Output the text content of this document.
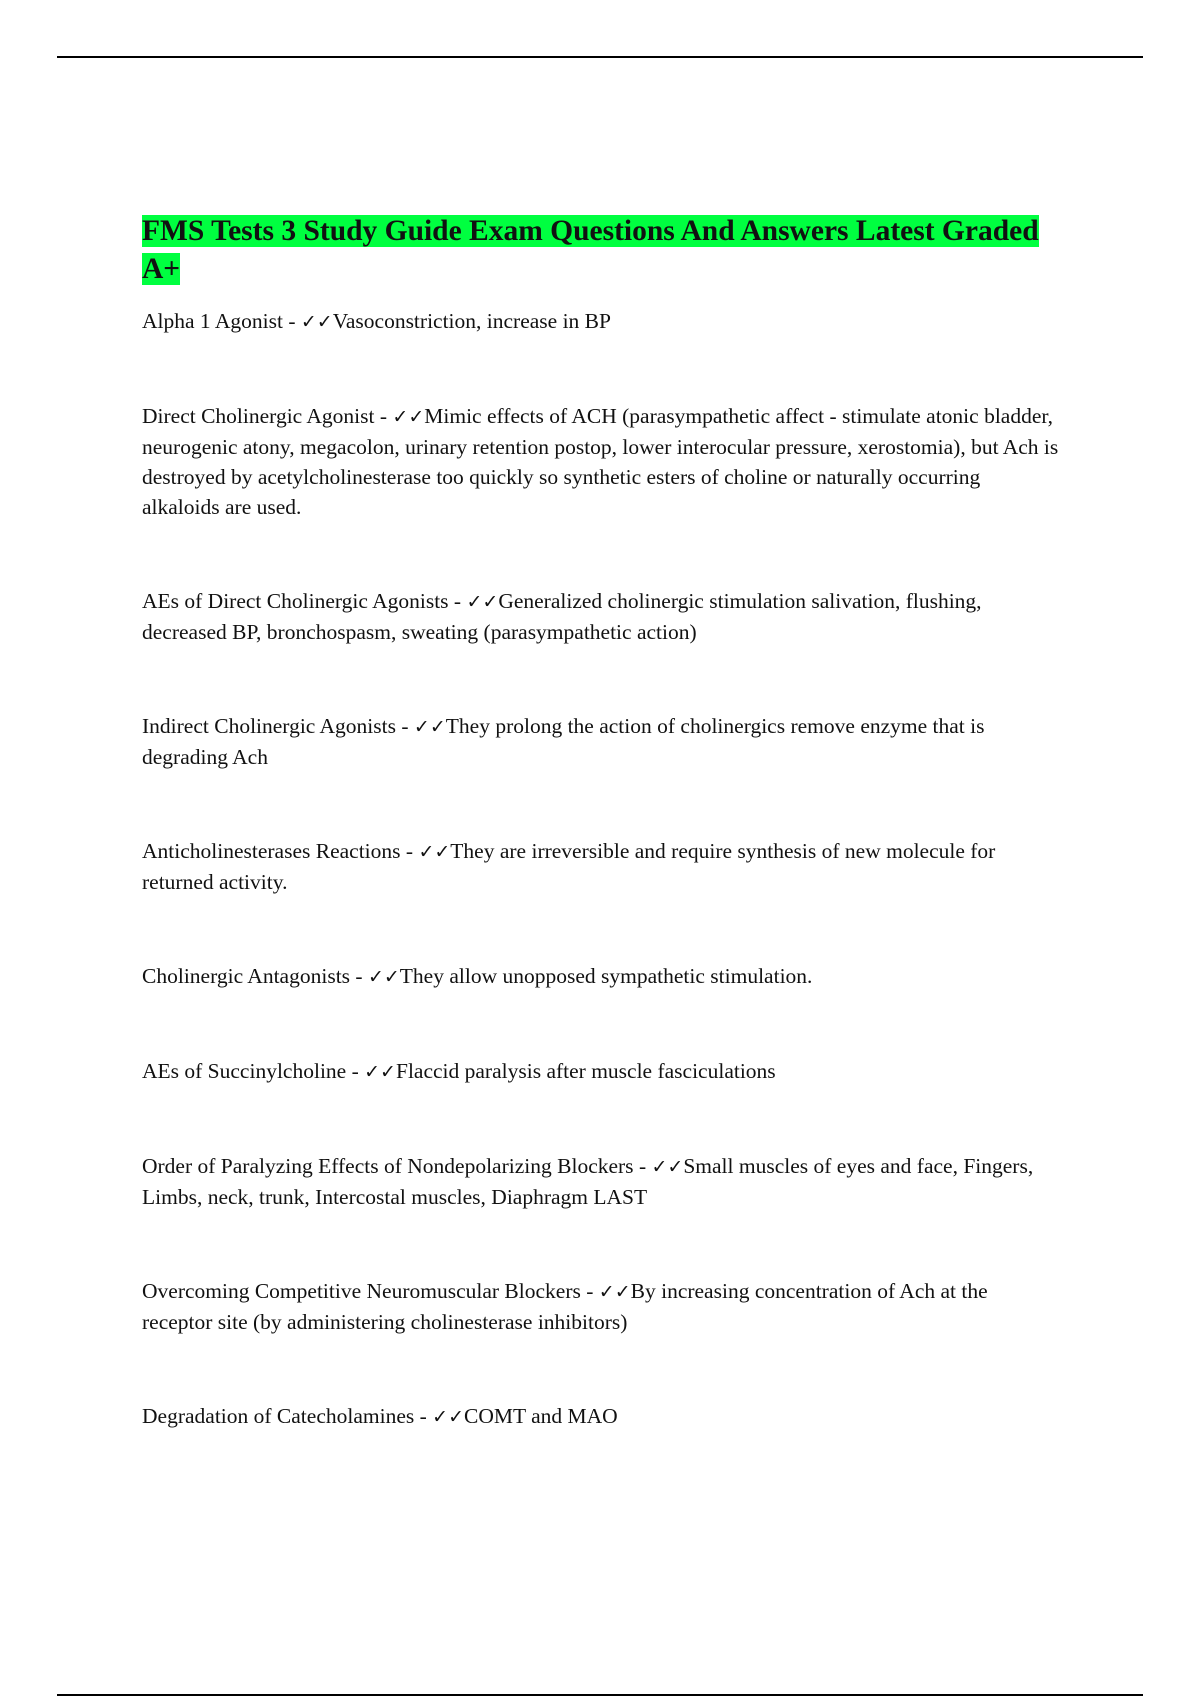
FMS Tests 3 Study Guide Exam Questions And Answers Latest Graded A+

Alpha 1 Agonist - ✓✓Vasoconstriction, increase in BP

Direct Cholinergic Agonist - ✓✓Mimic effects of ACH (parasympathetic affect - stimulate atonic bladder, neurogenic atony, megacolon, urinary retention postop, lower interocular pressure, xerostomia), but Ach is destroyed by acetylcholinesterase too quickly so synthetic esters of choline or naturally occurring alkaloids are used.

AEs of Direct Cholinergic Agonists - ✓✓Generalized cholinergic stimulation salivation, flushing, decreased BP, bronchospasm, sweating (parasympathetic action)

Indirect Cholinergic Agonists - ✓✓They prolong the action of cholinergics remove enzyme that is degrading Ach

Anticholinesterases Reactions - ✓✓They are irreversible and require synthesis of new molecule for returned activity.

Cholinergic Antagonists - ✓✓They allow unopposed sympathetic stimulation.

AEs of Succinylcholine - ✓✓Flaccid paralysis after muscle fasciculations

Order of Paralyzing Effects of Nondepolarizing Blockers - ✓✓Small muscles of eyes and face, Fingers, Limbs, neck, trunk, Intercostal muscles, Diaphragm LAST

Overcoming Competitive Neuromuscular Blockers - ✓✓By increasing concentration of Ach at the receptor site (by administering cholinesterase inhibitors)

Degradation of Catecholamines - ✓✓COMT and MAO
